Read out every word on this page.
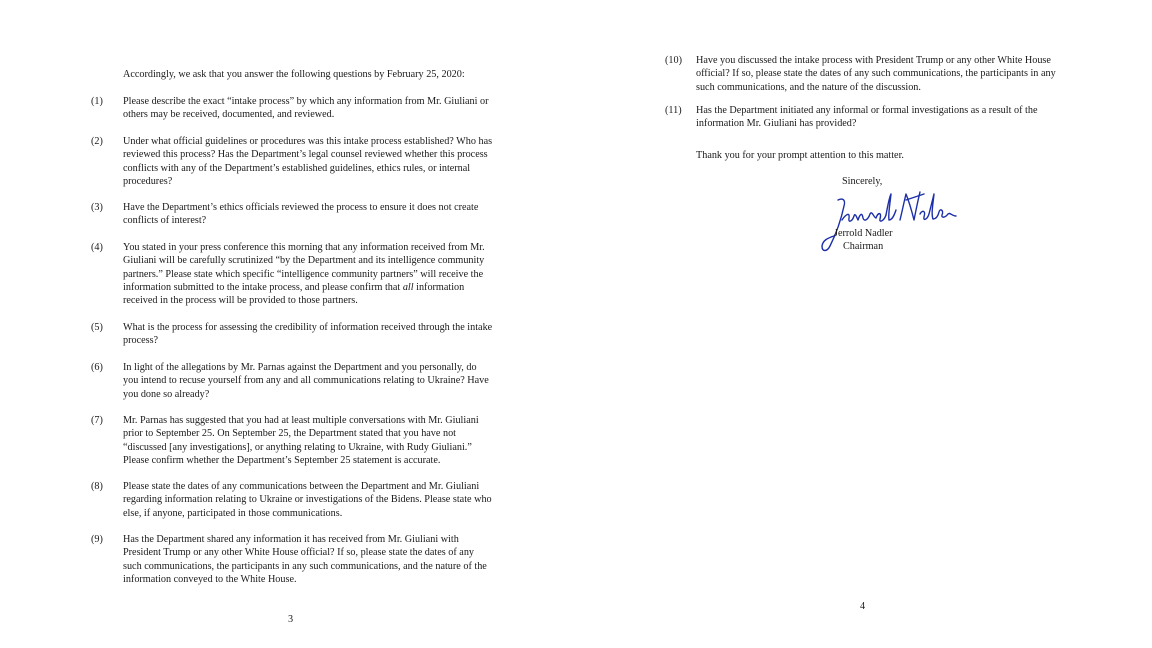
Accordingly, we ask that you answer the following questions by February 25, 2020:
(1) Please describe the exact “intake process” by which any information from Mr. Giuliani or others may be received, documented, and reviewed.
(2) Under what official guidelines or procedures was this intake process established? Who has reviewed this process? Has the Department’s legal counsel reviewed whether this process conflicts with any of the Department’s established guidelines, ethics rules, or internal procedures?
(3) Have the Department’s ethics officials reviewed the process to ensure it does not create conflicts of interest?
(4) You stated in your press conference this morning that any information received from Mr. Giuliani will be carefully scrutinized “by the Department and its intelligence community partners.” Please state which specific “intelligence community partners” will receive the information submitted to the intake process, and please confirm that all information received in the process will be provided to those partners.
(5) What is the process for assessing the credibility of information received through the intake process?
(6) In light of the allegations by Mr. Parnas against the Department and you personally, do you intend to recuse yourself from any and all communications relating to Ukraine? Have you done so already?
(7) Mr. Parnas has suggested that you had at least multiple conversations with Mr. Giuliani prior to September 25. On September 25, the Department stated that you have not “discussed [any investigations], or anything relating to Ukraine, with Rudy Giuliani.” Please confirm whether the Department’s September 25 statement is accurate.
(8) Please state the dates of any communications between the Department and Mr. Giuliani regarding information relating to Ukraine or investigations of the Bidens. Please state who else, if anyone, participated in those communications.
(9) Has the Department shared any information it has received from Mr. Giuliani with President Trump or any other White House official? If so, please state the dates of any such communications, the participants in any such communications, and the nature of the information conveyed to the White House.
3
(10) Have you discussed the intake process with President Trump or any other White House official? If so, please state the dates of any such communications, the participants in any such communications, and the nature of the discussion.
(11) Has the Department initiated any informal or formal investigations as a result of the information Mr. Giuliani has provided?
Thank you for your prompt attention to this matter.
Sincerely,
Jerrold Nadler
Chairman
4
